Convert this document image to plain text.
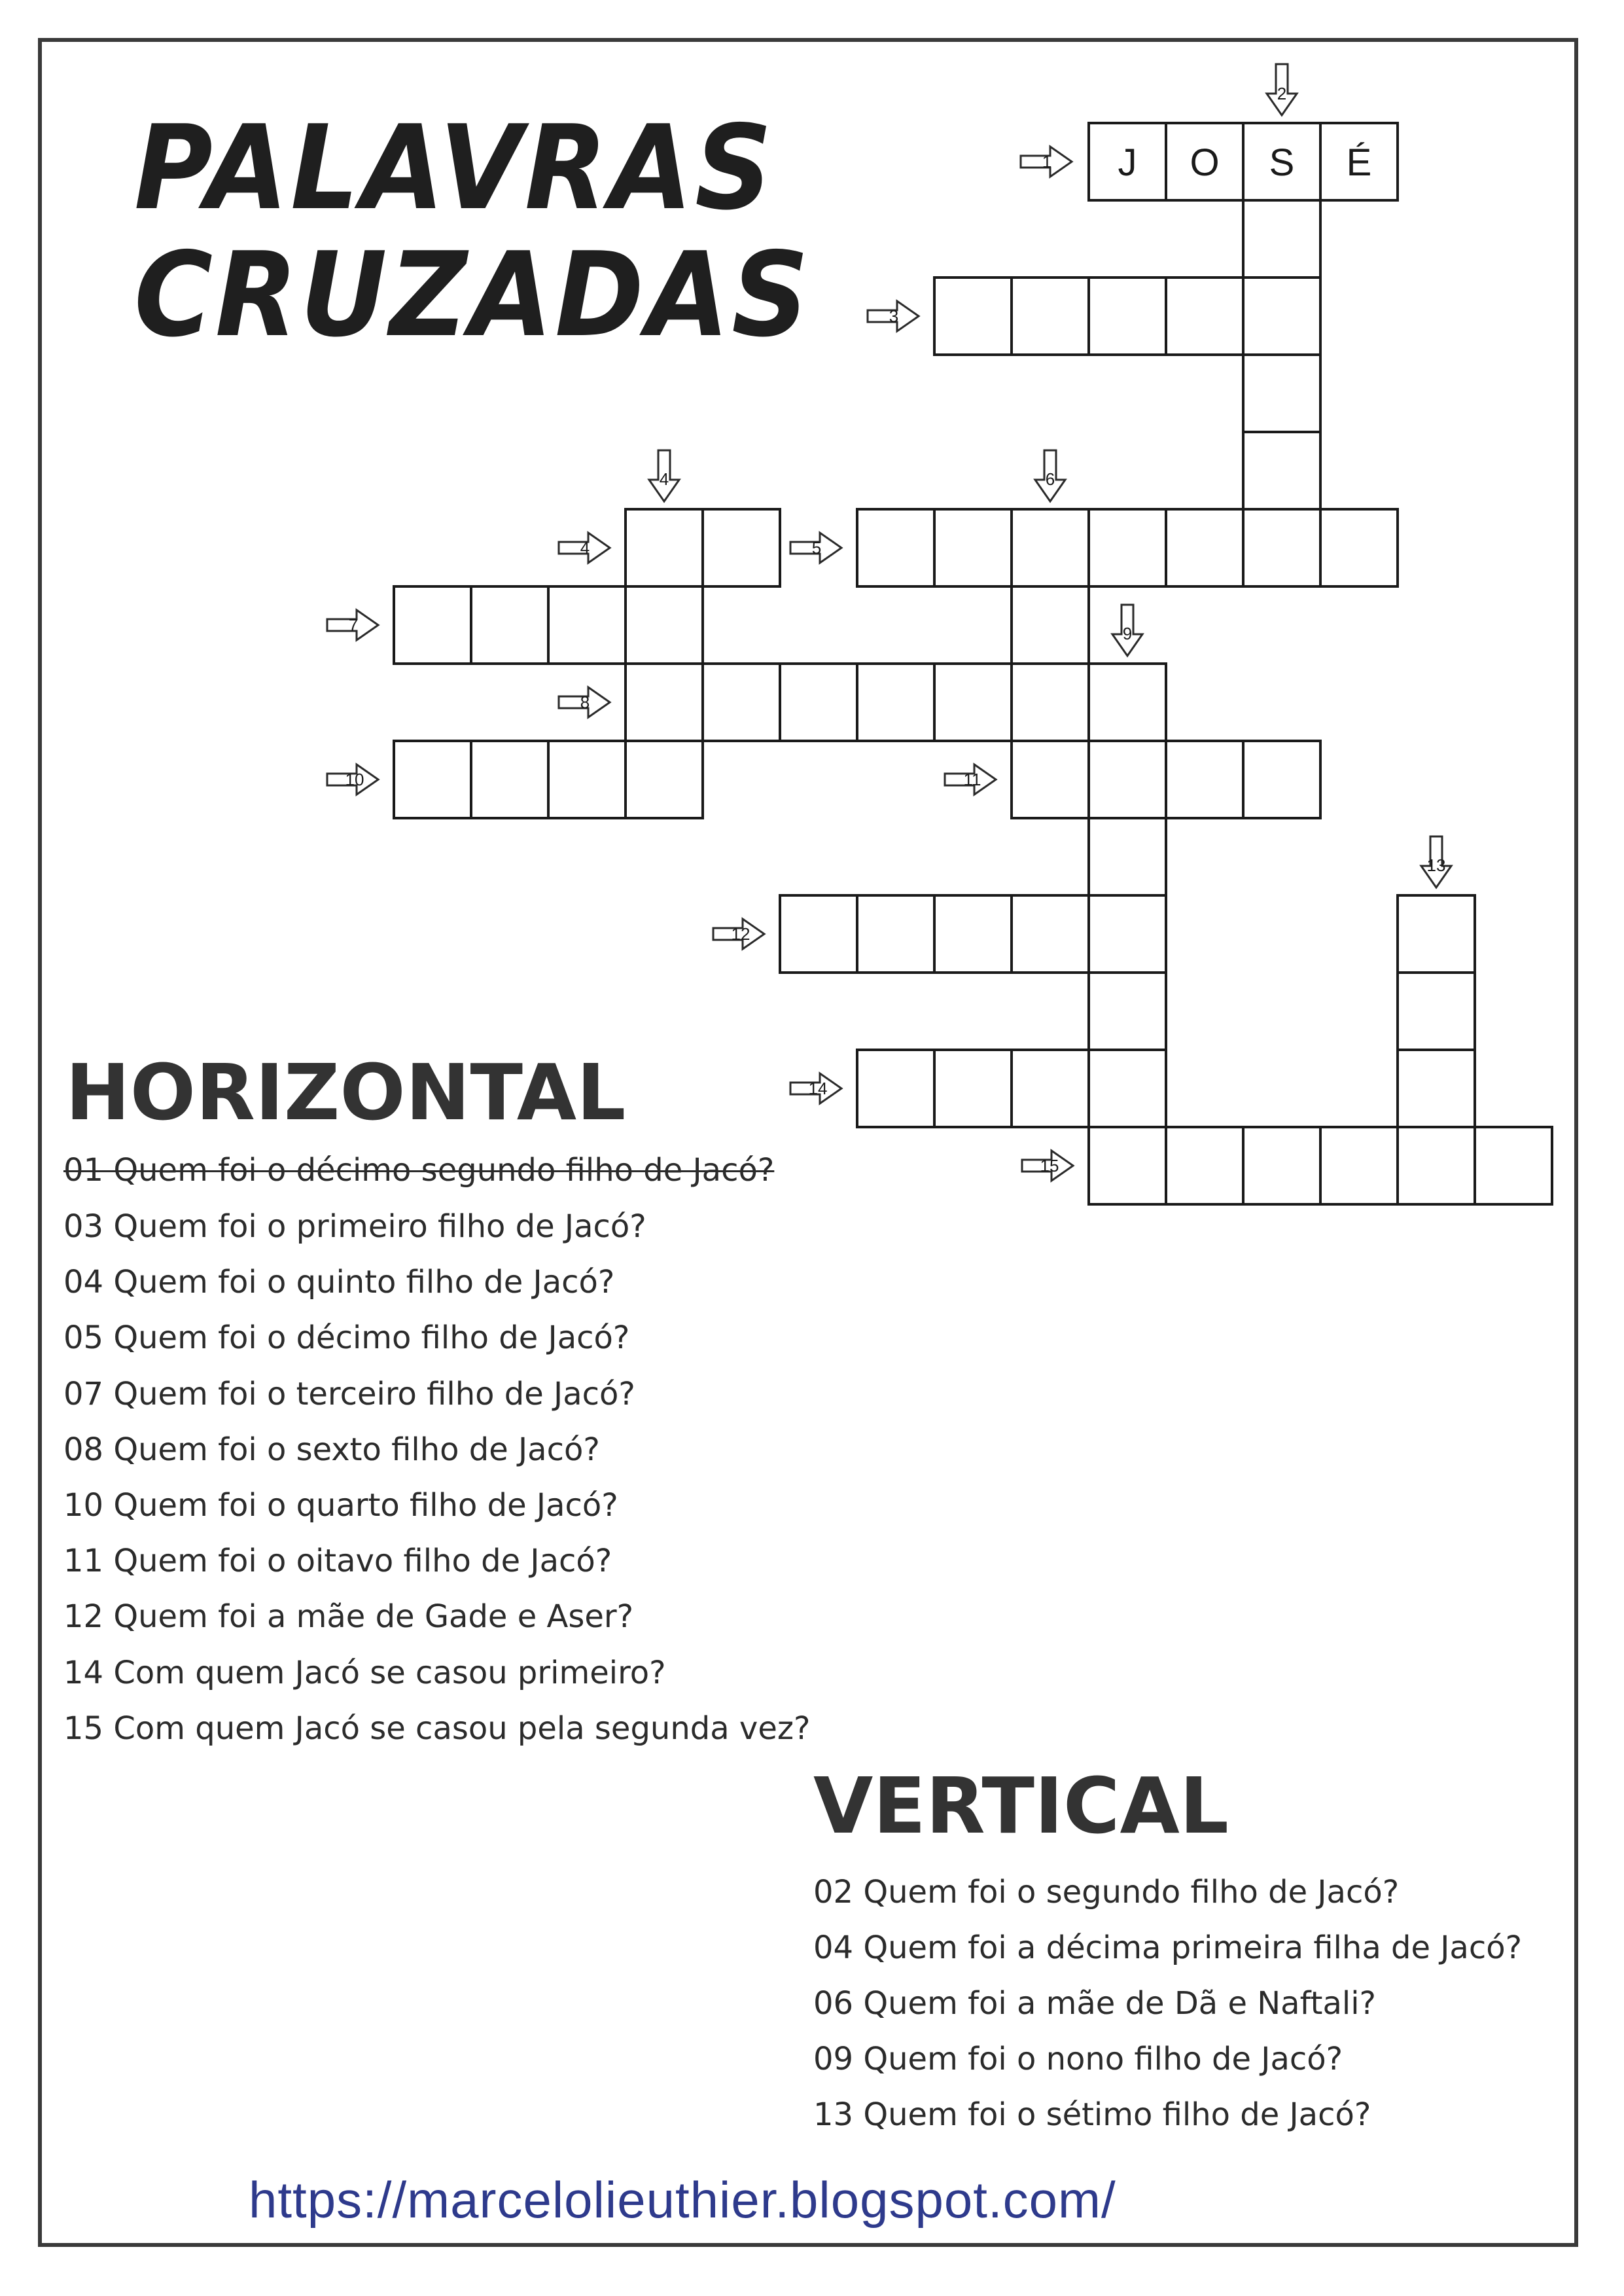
PALAVRAS
CRUZADAS
J O S É
1
2
3
4
4
5
6
7
8
9
10	11
12
13
14
15
HORIZONTAL
01 Quem foi o décimo segundo filho de Jacó?
03 Quem foi o primeiro filho de Jacó?
04 Quem foi o quinto filho de Jacó?
05 Quem foi o décimo filho de Jacó?
07 Quem foi o terceiro filho de Jacó?
08 Quem foi o sexto filho de Jacó?
10 Quem foi o quarto filho de Jacó?
11 Quem foi o oitavo filho de Jacó?
12 Quem foi a mãe de Gade e Aser?
14 Com quem Jacó se casou primeiro?
15 Com quem Jacó se casou pela segunda vez?
VERTICAL
02 Quem foi o segundo filho de Jacó?
04 Quem foi a décima primeira filha de Jacó?
06 Quem foi a mãe de Dã e Naftali?
09 Quem foi o nono filho de Jacó?
13 Quem foi o sétimo filho de Jacó?
https://marcelolieuthier.blogspot.com/
